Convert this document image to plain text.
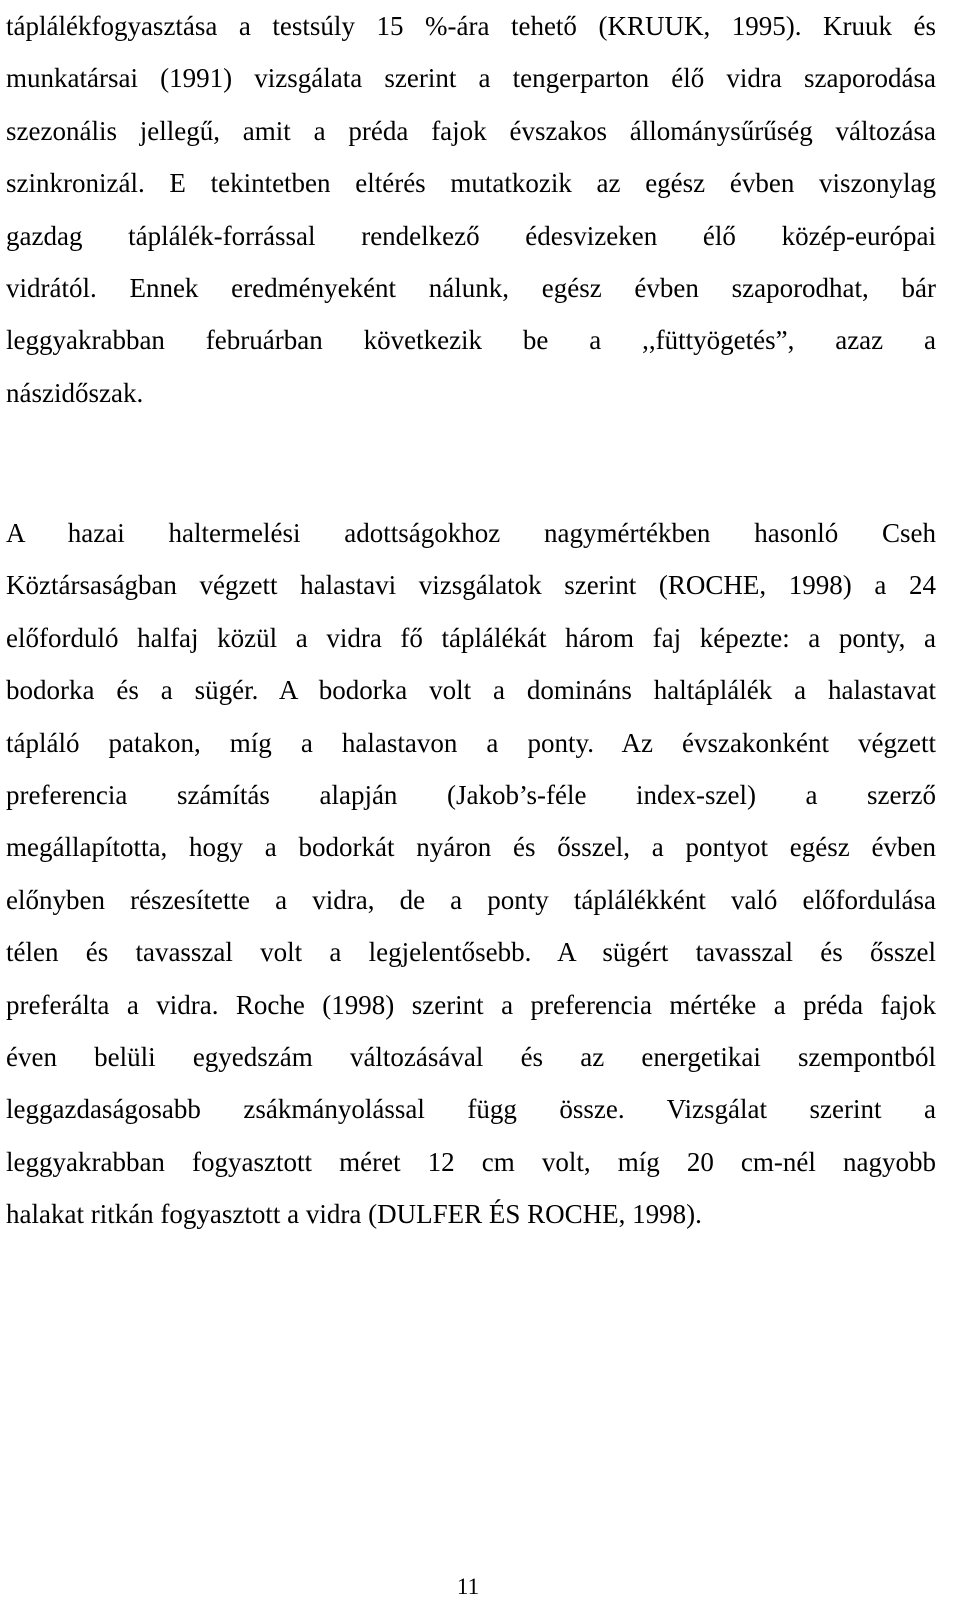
táplálékfogyasztása a testsúly 15 %-ára tehető (KRUUK, 1995). Kruuk és
munkatársai (1991) vizsgálata szerint a tengerparton élő vidra szaporodása
szezonális jellegű, amit a préda fajok évszakos állománysűrűség változása
szinkronizál. E tekintetben eltérés mutatkozik az egész évben viszonylag
gazdag táplálék-forrással rendelkező édesvizeken élő közép-európai
vidrától. Ennek eredményeként nálunk, egész évben szaporodhat, bár
leggyakrabban februárban következik be a ,,füttyögetés”, azaz a
nászidőszak.
A hazai haltermelési adottságokhoz nagymértékben hasonló Cseh
Köztársaságban végzett halastavi vizsgálatok szerint (ROCHE, 1998) a 24
előforduló halfaj közül a vidra fő táplálékát három faj képezte: a ponty, a
bodorka és a sügér. A bodorka volt a domináns haltáplálék a halastavat
tápláló patakon, míg a halastavon a ponty. Az évszakonként végzett
preferencia számítás alapján (Jakob’s-féle index-szel) a szerző
megállapította, hogy a bodorkát nyáron és ősszel, a pontyot egész évben
előnyben részesítette a vidra, de a ponty táplálékként való előfordulása
télen és tavasszal volt a legjelentősebb. A sügért tavasszal és ősszel
preferálta a vidra. Roche (1998) szerint a preferencia mértéke a préda fajok
éven belüli egyedszám változásával és az energetikai szempontból
leggazdaságosabb zsákmányolással függ össze. Vizsgálat szerint a
leggyakrabban fogyasztott méret 12 cm volt, míg 20 cm-nél nagyobb
halakat ritkán fogyasztott a vidra (DULFER ÉS ROCHE, 1998).
11
